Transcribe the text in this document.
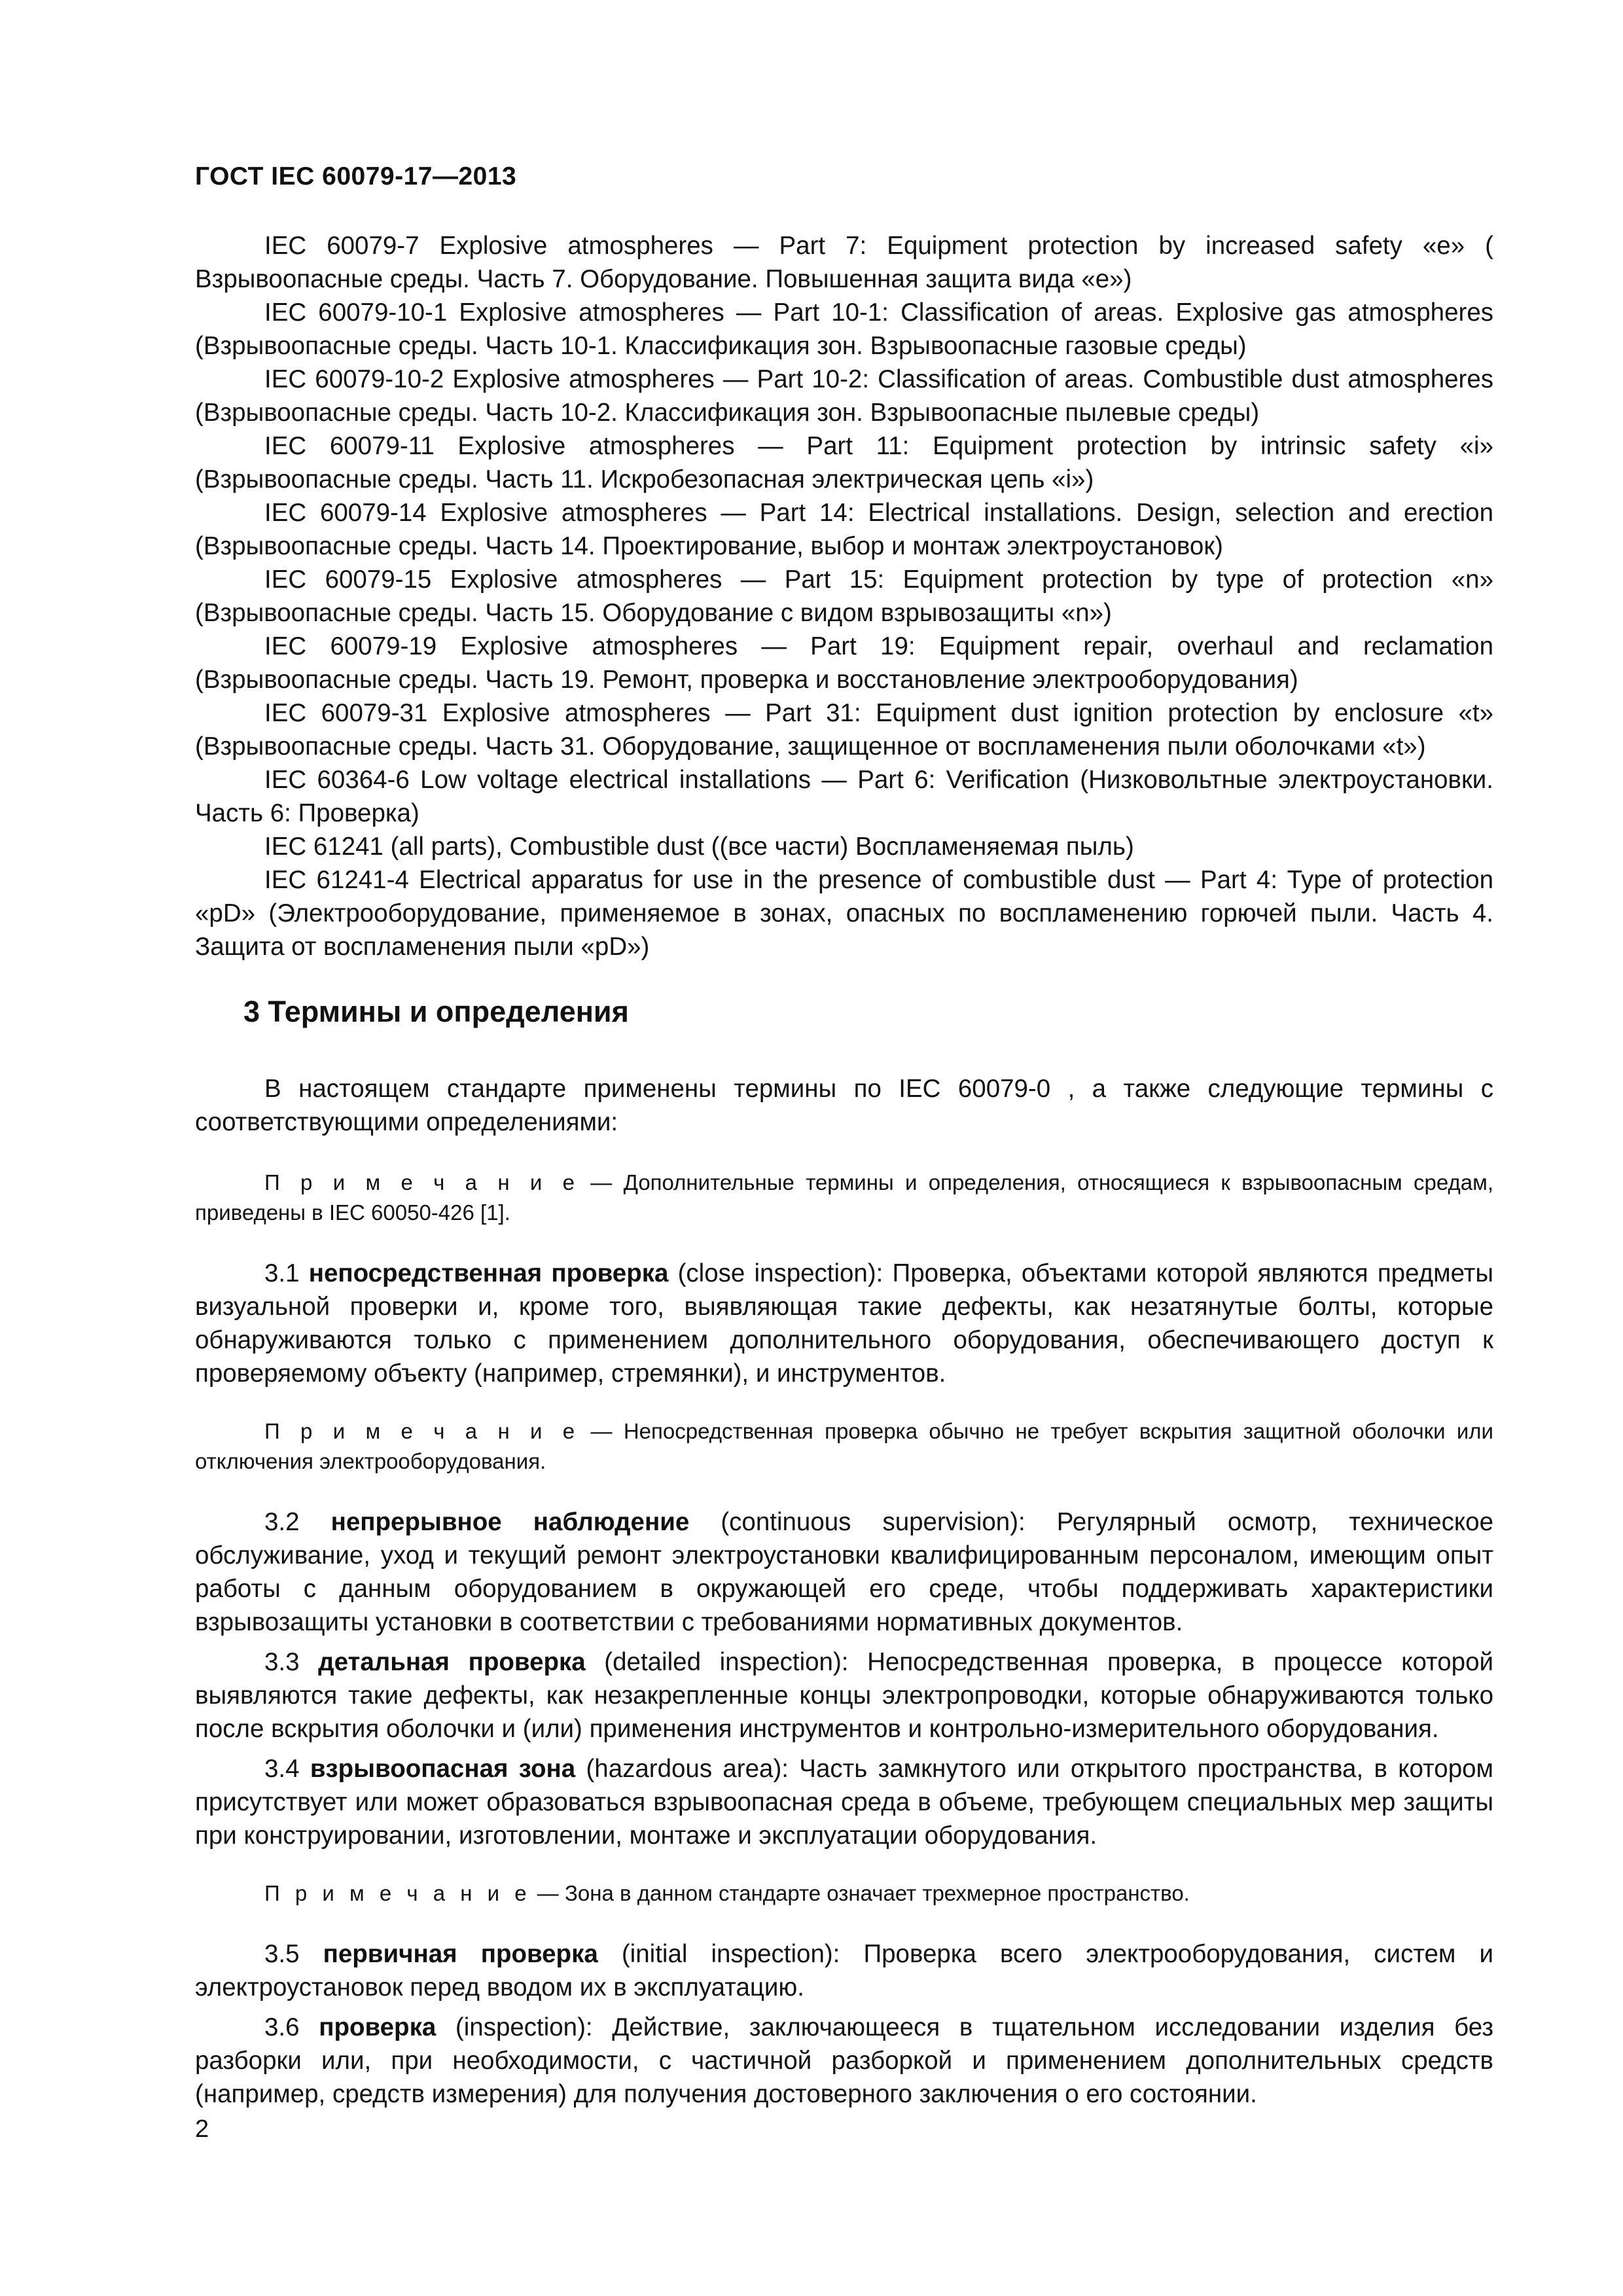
ГОСТ IEC 60079-17—2013

IEC 60079-7 Explosive atmospheres — Part 7: Equipment protection by increased safety «e» ( Взрывоопасные среды. Часть 7. Оборудование. Повышенная защита вида «e»)

IEC 60079-10-1 Explosive atmospheres — Part 10-1: Classification of areas. Explosive gas atmospheres (Взрывоопасные среды. Часть 10-1. Классификация зон. Взрывоопасные газовые среды)

IEC 60079-10-2 Explosive atmospheres — Part 10-2: Classification of areas. Combustible dust atmospheres (Взрывоопасные среды. Часть 10-2. Классификация зон. Взрывоопасные пылевые среды)

IEC 60079-11 Explosive atmospheres — Part 11: Equipment protection by intrinsic safety «i» (Взрывоопасные среды. Часть 11. Искробезопасная электрическая цепь «i»)

IEC 60079-14 Explosive atmospheres — Part 14: Electrical installations. Design, selection and erection (Взрывоопасные среды. Часть 14. Проектирование, выбор и монтаж электроустановок)

IEC 60079-15 Explosive atmospheres — Part 15: Equipment protection by type of protection «n» (Взрывоопасные среды. Часть 15. Оборудование с видом взрывозащиты «n»)

IEC 60079-19 Explosive atmospheres — Part 19: Equipment repair, overhaul and reclamation (Взрывоопасные среды. Часть 19. Ремонт, проверка и восстановление электрооборудования)

IEC 60079-31 Explosive atmospheres — Part 31: Equipment dust ignition protection by enclosure «t» (Взрывоопасные среды. Часть 31. Оборудование, защищенное от воспламенения пыли оболочками «t»)

IEC 60364-6 Low voltage electrical installations — Part 6: Verification (Низковольтные электроустановки. Часть 6: Проверка)

IEC 61241 (all parts), Combustible dust ((все части) Воспламеняемая пыль)

IEC 61241-4 Electrical apparatus for use in the presence of combustible dust — Part 4: Type of protection «pD» (Электрооборудование, применяемое в зонах, опасных по воспламенению горючей пыли. Часть 4. Защита от воспламенения пыли «pD»)

3 Термины и определения

В настоящем стандарте применены термины по IEC 60079-0 , а также следующие термины с соответствующими определениями:

П р и м е ч а н и е — Дополнительные термины и определения, относящиеся к взрывоопасным средам, приведены в IEC 60050-426 [1].

3.1 непосредственная проверка (close inspection): Проверка, объектами которой являются предметы визуальной проверки и, кроме того, выявляющая такие дефекты, как незатянутые болты, которые обнаруживаются только с применением дополнительного оборудования, обеспечивающего доступ к проверяемому объекту (например, стремянки), и инструментов.

П р и м е ч а н и е — Непосредственная проверка обычно не требует вскрытия защитной оболочки или отключения электрооборудования.

3.2 непрерывное наблюдение (continuous supervision): Регулярный осмотр, техническое обслуживание, уход и текущий ремонт электроустановки квалифицированным персоналом, имеющим опыт работы с данным оборудованием в окружающей его среде, чтобы поддерживать характеристики взрывозащиты установки в соответствии с требованиями нормативных документов.

3.3 детальная проверка (detailed inspection): Непосредственная проверка, в процессе которой выявляются такие дефекты, как незакрепленные концы электропроводки, которые обнаруживаются только после вскрытия оболочки и (или) применения инструментов и контрольно-измерительного оборудования.

3.4 взрывоопасная зона (hazardous area): Часть замкнутого или открытого пространства, в котором присутствует или может образоваться взрывоопасная среда в объеме, требующем специальных мер защиты при конструировании, изготовлении, монтаже и эксплуатации оборудования.

П р и м е ч а н и е — Зона в данном стандарте означает трехмерное пространство.

3.5 первичная проверка (initial inspection): Проверка всего электрооборудования, систем и электроустановок перед вводом их в эксплуатацию.

3.6 проверка (inspection): Действие, заключающееся в тщательном исследовании изделия без разборки или, при необходимости, с частичной разборкой и применением дополнительных средств (например, средств измерения) для получения достоверного заключения о его состоянии.

2
